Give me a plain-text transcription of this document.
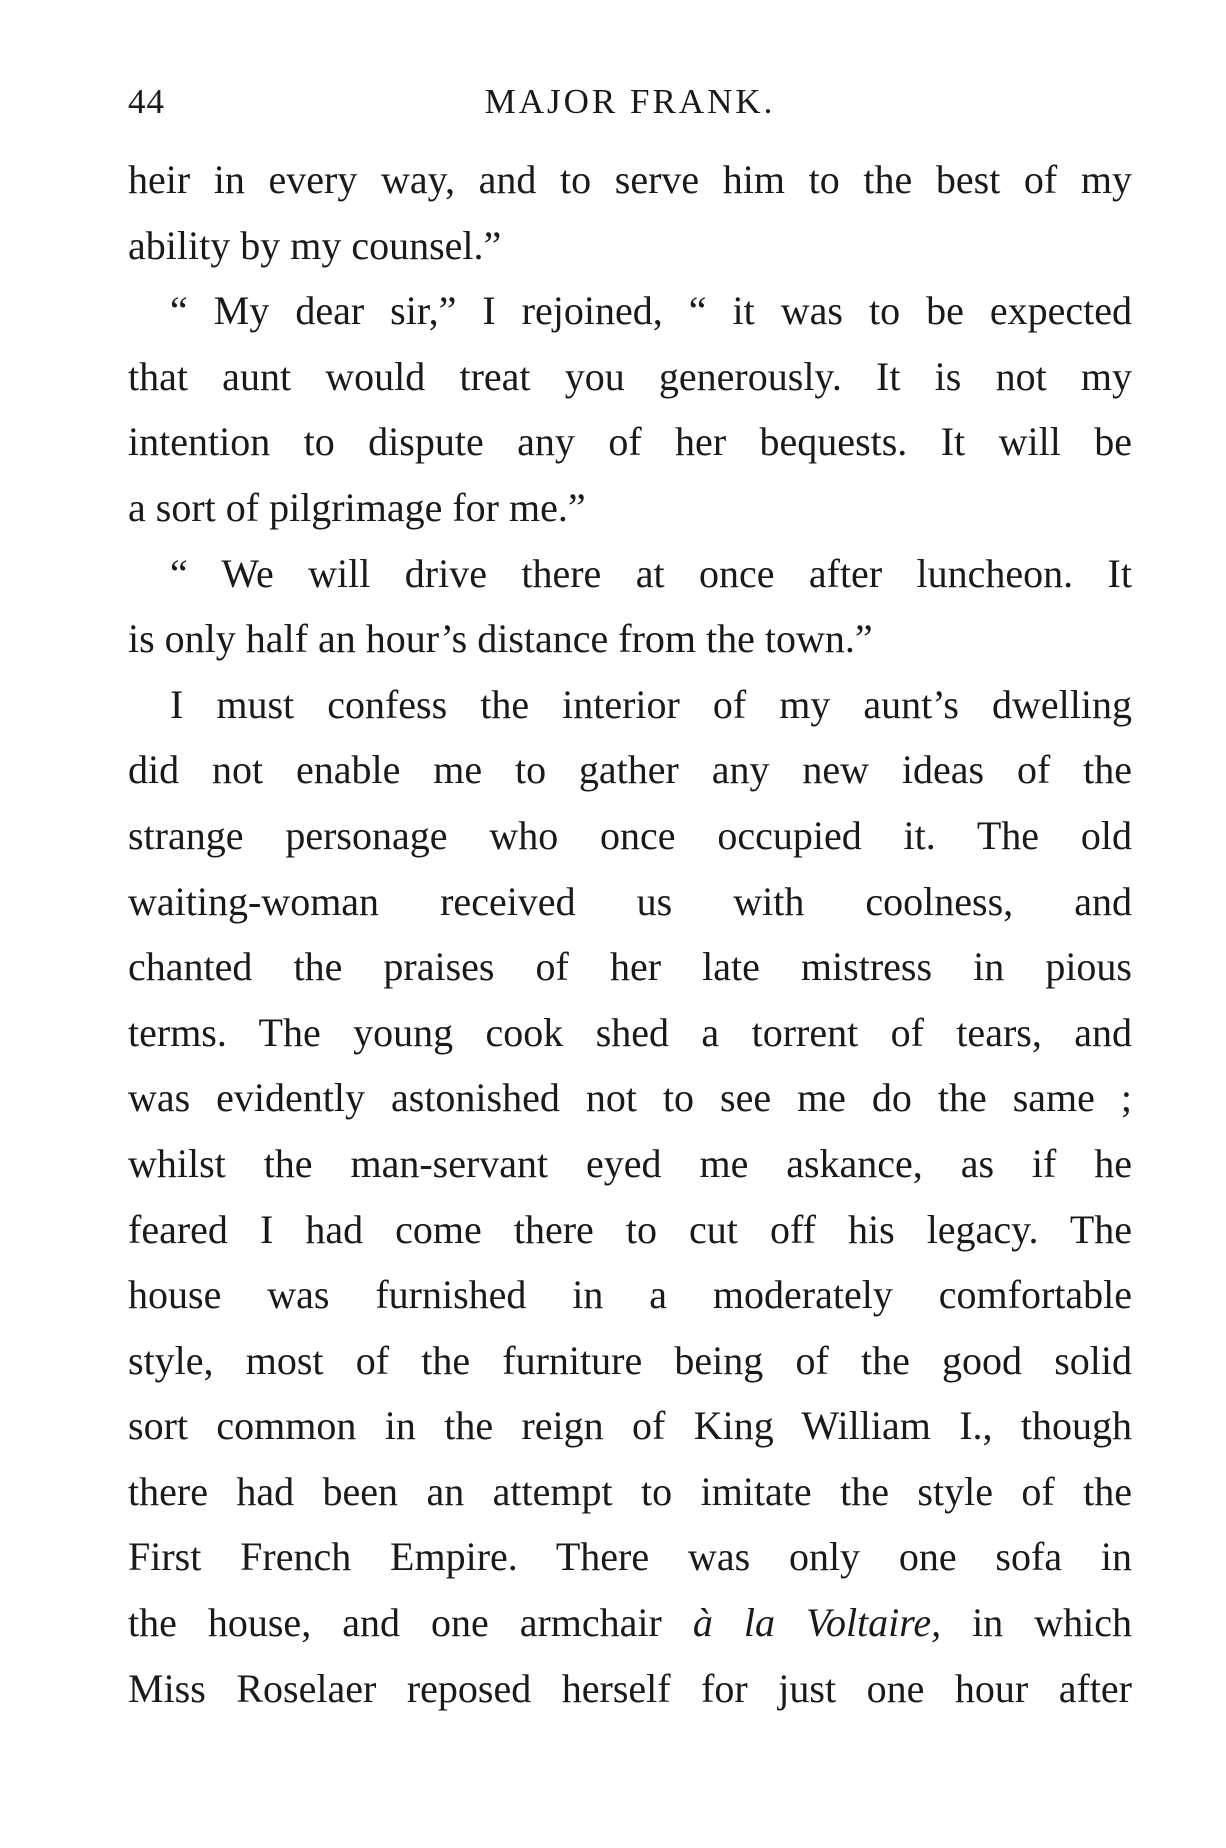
44	MAJOR FRANK.
heir in every way, and to serve him to the best of my
ability by my counsel.”
“ My dear sir,” I rejoined, “ it was to be expected
that aunt would treat you generously. It is not my
intention to dispute any of her bequests. It will be
a sort of pilgrimage for me.”
“ We will drive there at once after luncheon. It
is only half an hour’s distance from the town.”
I must confess the interior of my aunt’s dwelling
did not enable me to gather any new ideas of the
strange personage who once occupied it. The old
waiting-woman received us with coolness, and
chanted the praises of her late mistress in pious
terms. The young cook shed a torrent of tears, and
was evidently astonished not to see me do the same ;
whilst the man-servant eyed me askance, as if he
feared I had come there to cut off his legacy. The
house was furnished in a moderately comfortable
style, most of the furniture being of the good solid
sort common in the reign of King William I., though
there had been an attempt to imitate the style of the
First French Empire. There was only one sofa in
the house, and one armchair à la Voltaire, in which
Miss Roselaer reposed herself for just one hour after
